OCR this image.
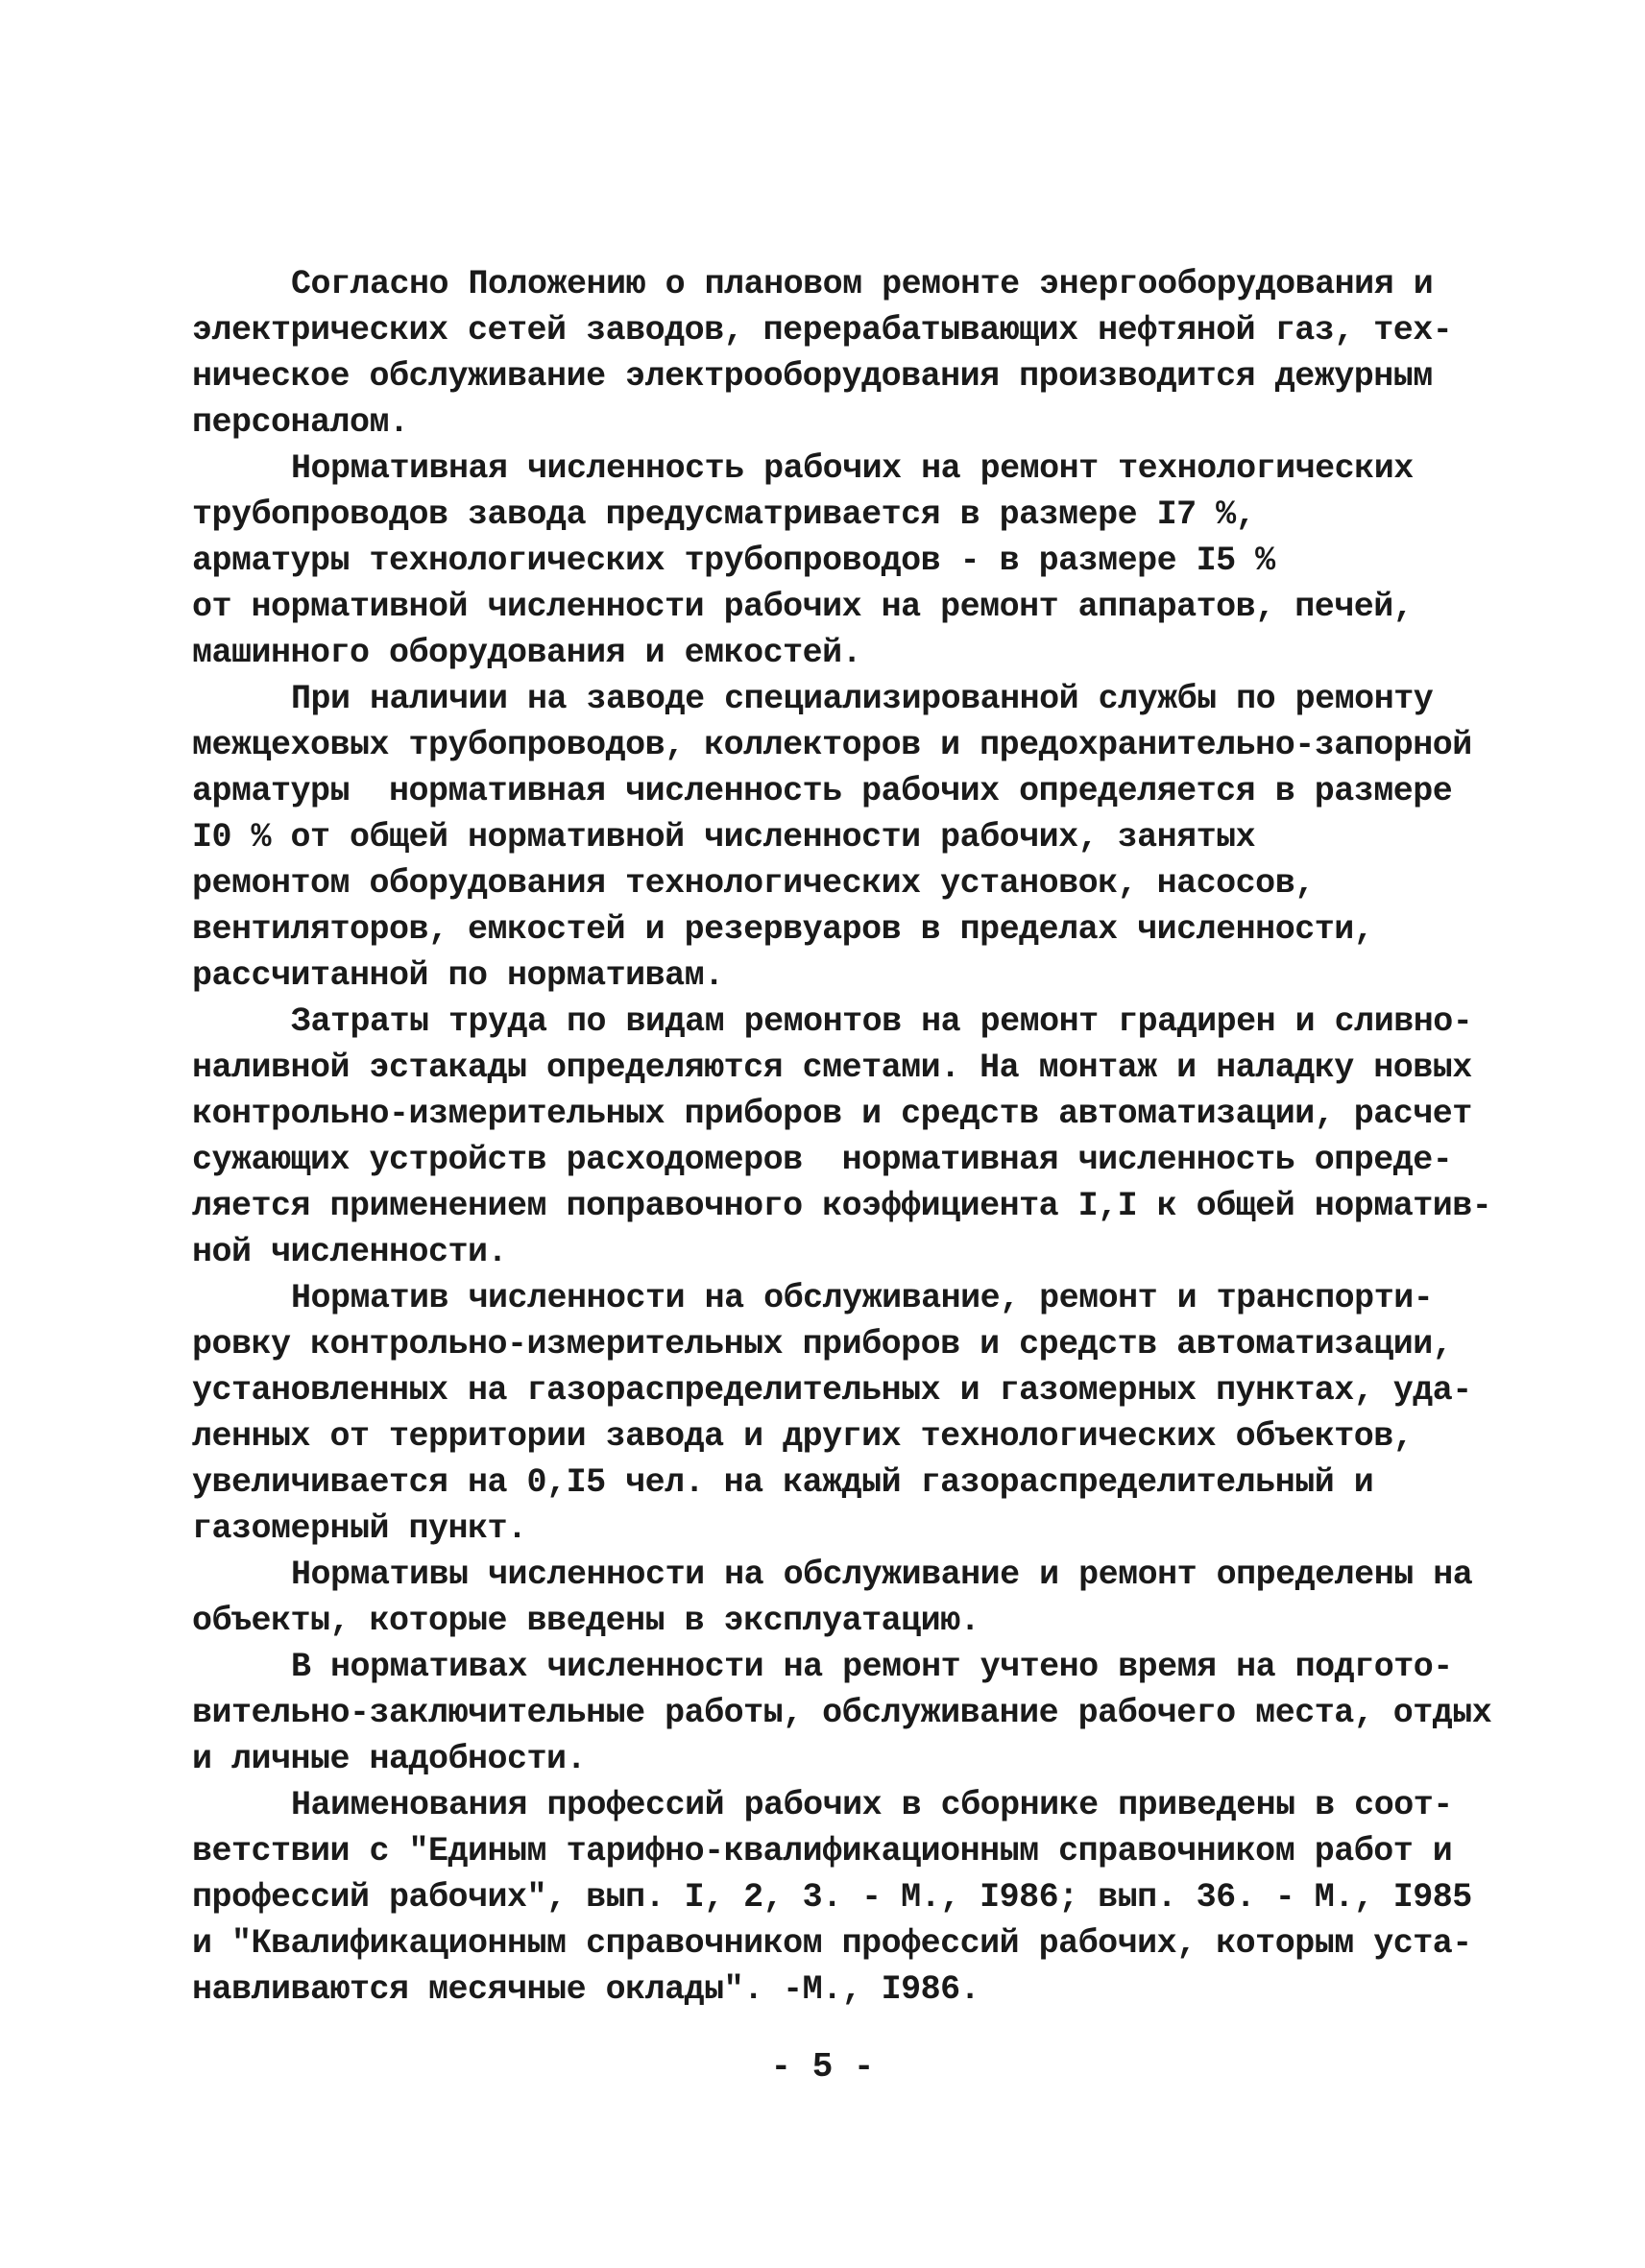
Согласно Положению о плановом ремонте энергооборудования и
электрических сетей заводов, перерабатывающих нефтяной газ, тех-
ническое обслуживание электрооборудования производится дежурным
персоналом.
Нормативная численность рабочих на ремонт технологических
трубопроводов завода предусматривается в размере I7 %,
арматуры технологических трубопроводов - в размере I5 %
от нормативной численности рабочих на ремонт аппаратов, печей,
машинного оборудования и емкостей.
При наличии на заводе специализированной службы по ремонту
межцеховых трубопроводов, коллекторов и предохранительно-запорной
арматуры  нормативная численность рабочих определяется в размере
I0 % от общей нормативной численности рабочих, занятых
ремонтом оборудования технологических установок, насосов,
вентиляторов, емкостей и резервуаров в пределах численности,
рассчитанной по нормативам.
Затраты труда по видам ремонтов на ремонт градирен и сливно-
наливной эстакады определяются сметами. На монтаж и наладку новых
контрольно-измерительных приборов и средств автоматизации, расчет
сужающих устройств расходомеров  нормативная численность опреде-
ляется применением поправочного коэффициента I,I к общей норматив-
ной численности.
Норматив численности на обслуживание, ремонт и транспорти-
ровку контрольно-измерительных приборов и средств автоматизации,
установленных на газораспределительных и газомерных пунктах, уда-
ленных от территории завода и других технологических объектов,
увеличивается на 0,I5 чел. на каждый газораспределительный и
газомерный пункт.
Нормативы численности на обслуживание и ремонт определены на
объекты, которые введены в эксплуатацию.
В нормативах численности на ремонт учтено время на подгото-
вительно-заключительные работы, обслуживание рабочего места, отдых
и личные надобности.
Наименования профессий рабочих в сборнике приведены в соот-
ветствии с "Единым тарифно-квалификационным справочником работ и
профессий рабочих", вып. I, 2, 3. - М., I986; вып. 36. - М., I985
и "Квалификационным справочником профессий рабочих, которым уста-
навливаются месячные оклады". -М., I986.
- 5 -
